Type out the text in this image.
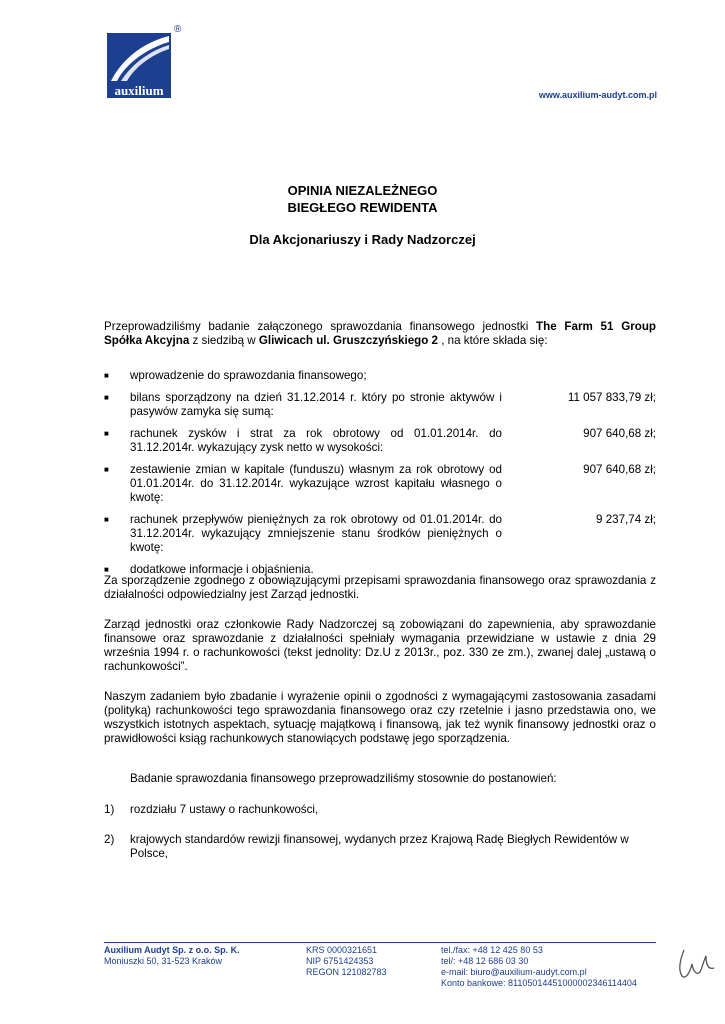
auxilium
®
www.auxilium-audyt.com.pl
OPINIA NIEZALEŻNEGO
BIEGŁEGO REWIDENTA
Dla Akcjonariuszy i Rady Nadzorczej
Przeprowadziliśmy badanie załączonego sprawozdania finansowego jednostki The Farm 51 Group Spółka Akcyjna z siedzibą w Gliwicach ul. Gruszczyńskiego 2 , na które składa się:
■	wprowadzenie do sprawozdania finansowego;
■	bilans sporządzony na dzień 31.12.2014 r. który po stronie aktywów i pasywów zamyka się sumą:
11 057 833,79 zł;
■	rachunek zysków i strat za rok obrotowy od 01.01.2014r. do 31.12.2014r. wykazujący zysk netto w wysokości:
907 640,68 zł;
■	zestawienie zmian w kapitale (funduszu) własnym za rok obrotowy od 01.01.2014r. do 31.12.2014r. wykazujące wzrost kapitału własnego o kwotę:
907 640,68 zł;
■	rachunek przepływów pieniężnych za rok obrotowy od 01.01.2014r. do 31.12.2014r. wykazujący zmniejszenie stanu środków pieniężnych o kwotę:
9 237,74 zł;
■	dodatkowe informacje i objaśnienia.
Za sporządzenie zgodnego z obowiązującymi przepisami sprawozdania finansowego oraz sprawozdania z działalności odpowiedzialny jest Zarząd jednostki.
Zarząd jednostki oraz członkowie Rady Nadzorczej są zobowiązani do zapewnienia, aby sprawozdanie finansowe oraz sprawozdanie z działalności spełniały wymagania przewidziane w ustawie z dnia 29 września 1994 r. o rachunkowości (tekst jednolity: Dz.U z 2013r., poz. 330 ze zm.), zwanej dalej „ustawą o rachunkowości”.
Naszym zadaniem było zbadanie i wyrażenie opinii o zgodności z wymagającymi zastosowania zasadami (polityką) rachunkowości tego sprawozdania finansowego oraz czy rzetelnie i jasno przedstawia ono, we wszystkich istotnych aspektach, sytuację majątkową i finansową, jak też wynik finansowy jednostki oraz o prawidłowości ksiąg rachunkowych stanowiących podstawę jego sporządzenia.
Badanie sprawozdania finansowego przeprowadziliśmy stosownie do postanowień:
1)	rozdziału 7 ustawy o rachunkowości,
2)	krajowych standardów rewizji finansowej, wydanych przez Krajową Radę Biegłych Rewidentów w Polsce,
Auxilium Audyt Sp. z o.o. Sp. K.
Moniuszki 50, 31-523 Kraków
KRS 0000321651
NIP 6751424353
REGON 121082783
tel./fax: +48 12 425 80 53
tel/: +48 12 686 03 30
e-mail: biuro@auxilium-audyt.com.pl
Konto bankowe: 81105014451000002346114404
